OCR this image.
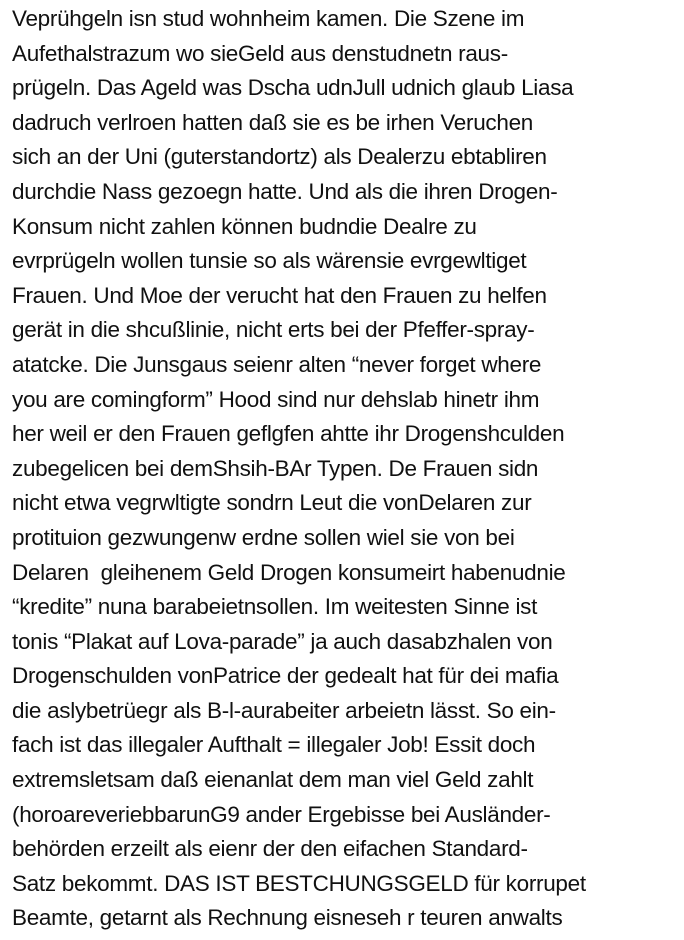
Veprühgeln isn stud wohnheim kamen. Die Szene im
Aufethalstrazum wo sieGeld aus denstudnetn raus-
prügeln. Das Ageld was Dscha udnJull udnich glaub Liasa
dadruch verlroen hatten daß sie es be irhen Veruchen
sich an der Uni (guterstandortz) als Dealerzu ebtabliren
durchdie Nass gezoegn hatte. Und als die ihren Drogen-
Konsum nicht zahlen können budndie Dealre zu
evrprügeln wollen tunsie so als wärensie evrgewltiget
Frauen. Und Moe der verucht hat den Frauen zu helfen
gerät in die shcußlinie, nicht erts bei der Pfeffer-spray-
atatcke. Die Junsgaus seienr alten “never forget where
you are comingform” Hood sind nur dehslab hinetr ihm
her weil er den Frauen geflgfen ahtte ihr Drogenshculden
zubegelicen bei demShsih-BAr Typen. De Frauen sidn
nicht etwa vegrwltigte sondrn Leut die vonDelaren zur
protituion gezwungenw erdne sollen wiel sie von bei
Delaren  gleihenem Geld Drogen konsumeirt habenudnie
“kredite” nuna barabeietnsollen. Im weitesten Sinne ist
tonis “Plakat auf Lova-parade” ja auch dasabzhalen von
Drogenschulden vonPatrice der gedealt hat für dei mafia
die aslybetrüegr als B-l-aurabeiter arbeietn lässt. So ein-
fach ist das illegaler Aufthalt = illegaler Job! Essit doch
extremsletsam daß eienanlat dem man viel Geld zahlt
(horoareveriebbarunG9 ander Ergebisse bei Ausländer-
behörden erzeilt als eienr der den eifachen Standard-
Satz bekommt. DAS IST BESTCHUNGSGELD für korrupet
Beamte, getarnt als Rechnung eisneseh r teuren anwalts
